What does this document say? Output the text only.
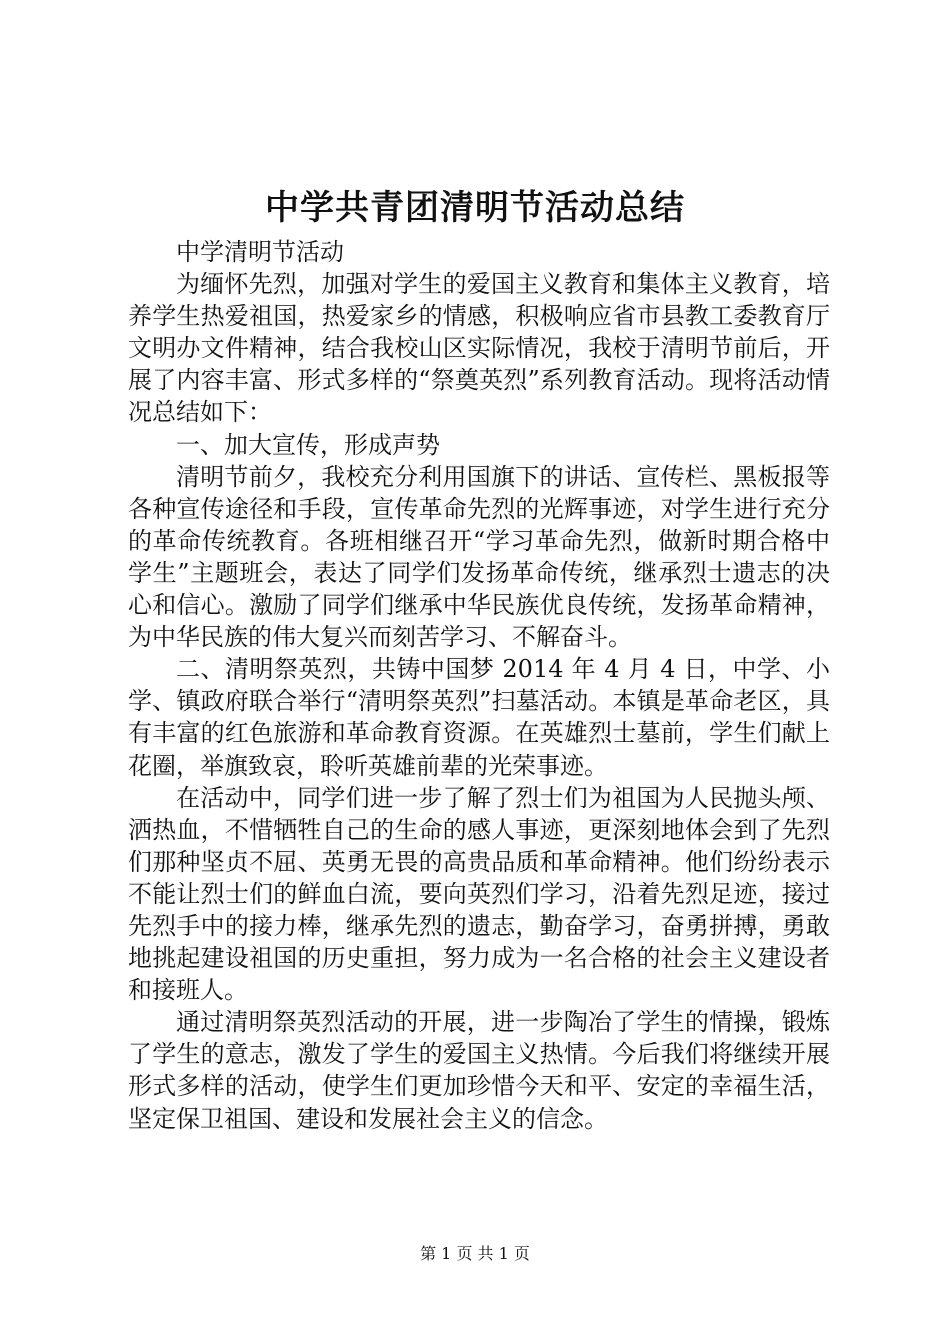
中学共青团清明节活动总结

中学清明节活动

为缅怀先烈，加强对学生的爱国主义教育和集体主义教育，培养学生热爱祖国，热爱家乡的情感，积极响应省市县教工委教育厅文明办文件精神，结合我校山区实际情况，我校于清明节前后，开展了内容丰富、形式多样的“祭奠英烈”系列教育活动。现将活动情况总结如下：

一、加大宣传，形成声势

清明节前夕，我校充分利用国旗下的讲话、宣传栏、黑板报等各种宣传途径和手段，宣传革命先烈的光辉事迹，对学生进行充分的革命传统教育。各班相继召开“学习革命先烈，做新时期合格中学生”主题班会，表达了同学们发扬革命传统，继承烈士遗志的决心和信心。激励了同学们继承中华民族优良传统，发扬革命精神，为中华民族的伟大复兴而刻苦学习、不解奋斗。

二、清明祭英烈，共铸中国梦 2014 年 4 月 4 日，中学、小学、镇政府联合举行“清明祭英烈”扫墓活动。本镇是革命老区，具有丰富的红色旅游和革命教育资源。在英雄烈士墓前，学生们献上花圈，举旗致哀，聆听英雄前辈的光荣事迹。

在活动中，同学们进一步了解了烈士们为祖国为人民抛头颅、洒热血，不惜牺牲自己的生命的感人事迹，更深刻地体会到了先烈们那种坚贞不屈、英勇无畏的高贵品质和革命精神。他们纷纷表示不能让烈士们的鲜血白流，要向英烈们学习，沿着先烈足迹，接过先烈手中的接力棒，继承先烈的遗志，勤奋学习，奋勇拼搏，勇敢地挑起建设祖国的历史重担，努力成为一名合格的社会主义建设者和接班人。

通过清明祭英烈活动的开展，进一步陶冶了学生的情操，锻炼了学生的意志，激发了学生的爱国主义热情。今后我们将继续开展形式多样的活动，使学生们更加珍惜今天和平、安定的幸福生活，坚定保卫祖国、建设和发展社会主义的信念。

第 1 页 共 1 页
